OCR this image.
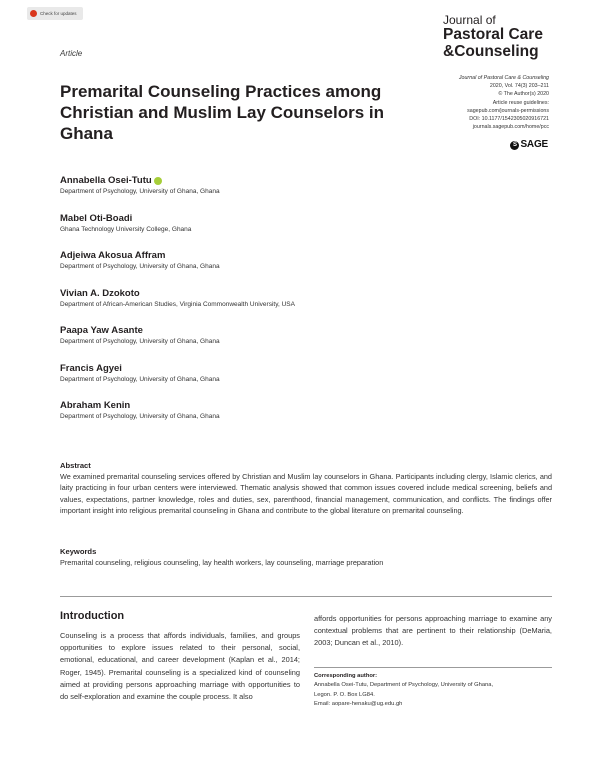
Check for updates
Article
Journal of
Pastoral Care
&Counseling
Journal of Pastoral Care & Counseling
2020, Vol. 74(3) 203–211
© The Author(s) 2020
Article reuse guidelines:
sagepub.com/journals-permissions
DOI: 10.1177/1542305020916721
journals.sagepub.com/home/pcc
S SAGE
Premarital Counseling Practices among Christian and Muslim Lay Counselors in Ghana
Annabella Osei-Tutu
Department of Psychology, University of Ghana, Ghana
Mabel Oti-Boadi
Ghana Technology University College, Ghana
Adjeiwa Akosua Affram
Department of Psychology, University of Ghana, Ghana
Vivian A. Dzokoto
Department of African-American Studies, Virginia Commonwealth University, USA
Paapa Yaw Asante
Department of Psychology, University of Ghana, Ghana
Francis Agyei
Department of Psychology, University of Ghana, Ghana
Abraham Kenin
Department of Psychology, University of Ghana, Ghana
Abstract

We examined premarital counseling services offered by Christian and Muslim lay counselors in Ghana. Participants including clergy, Islamic clerics, and laity practicing in four urban centers were interviewed. Thematic analysis showed that common issues covered include medical screening, beliefs and values, expectations, partner knowledge, roles and duties, sex, parenthood, financial management, communication, and conflicts. The findings offer important insight into religious premarital counseling in Ghana and contribute to the global literature on premarital counseling.

Keywords

Premarital counseling, religious counseling, lay health workers, lay counseling, marriage preparation

Introduction

Counseling is a process that affords individuals, families, and groups opportunities to explore issues related to their personal, social, emotional, educational, and career development (Kaplan et al., 2014; Roger, 1945). Premarital counseling is a specialized kind of counseling aimed at providing persons approaching marriage with opportunities to do self-exploration and examine the couple process. It also

affords opportunities for persons approaching marriage to examine any contextual problems that are pertinent to their relationship (DeMaria, 2003; Duncan et al., 2010).

Corresponding author:
Annabella Osei-Tutu, Department of Psychology, University of Ghana,
Legon. P. O. Box LG84.
Email: aopare-henaku@ug.edu.gh
